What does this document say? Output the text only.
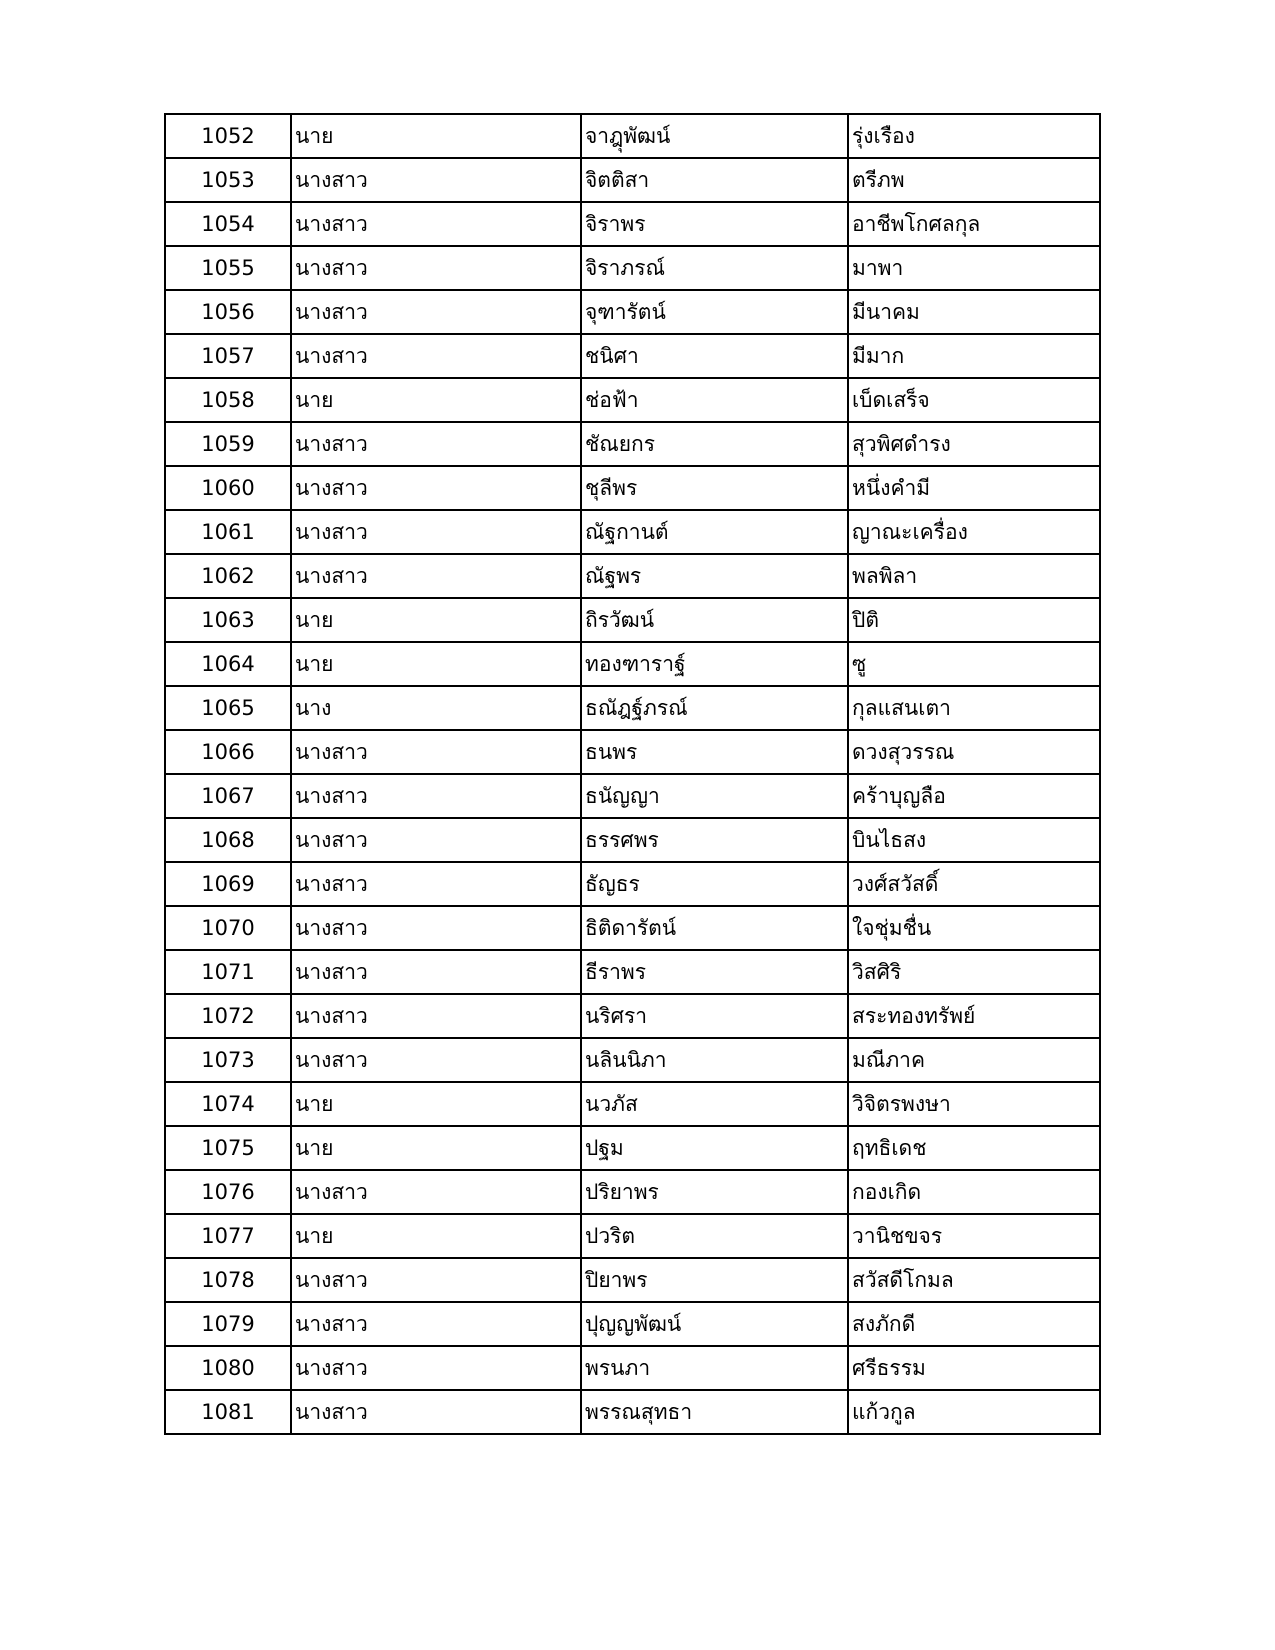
1052	นาย	จาฎุพัฒน์	รุ่งเรือง
1053	นางสาว	จิตติสา	ตรีภพ
1054	นางสาว	จิราพร	อาชีพโกศลกุล
1055	นางสาว	จิราภรณ์	มาพา
1056	นางสาว	จุฑารัตน์	มีนาคม
1057	นางสาว	ชนิศา	มีมาก
1058	นาย	ช่อฟ้า	เบ็ดเสร็จ
1059	นางสาว	ชัณยกร	สุวพิศดำรง
1060	นางสาว	ชุลีพร	หนึ่งคำมี
1061	นางสาว	ณัฐกานต์	ญาณะเครื่อง
1062	นางสาว	ณัฐพร	พลพิลา
1063	นาย	ถิรวัฒน์	ปิติ
1064	นาย	ทองฑาราฐ์	ซู
1065	นาง	ธณัฎฐ์ภรณ์	กุลแสนเตา
1066	นางสาว	ธนพร	ดวงสุวรรณ
1067	นางสาว	ธนัญญา	คร้าบุญลือ
1068	นางสาว	ธรรศพร	บินไธสง
1069	นางสาว	ธัญธร	วงศ์สวัสดิ์
1070	นางสาว	ธิติดารัตน์	ใจชุ่มชื่น
1071	นางสาว	ธีราพร	วิสศิริ
1072	นางสาว	นริศรา	สระทองทรัพย์
1073	นางสาว	นลินนิภา	มณีภาค
1074	นาย	นวภัส	วิจิตรพงษา
1075	นาย	ปฐม	ฤทธิเดช
1076	นางสาว	ปริยาพร	กองเกิด
1077	นาย	ปวริต	วานิชขจร
1078	นางสาว	ปิยาพร	สวัสดีโกมล
1079	นางสาว	ปุญญพัฒน์	สงภักดี
1080	นางสาว	พรนภา	ศรีธรรม
1081	นางสาว	พรรณสุทธา	แก้วกูล
